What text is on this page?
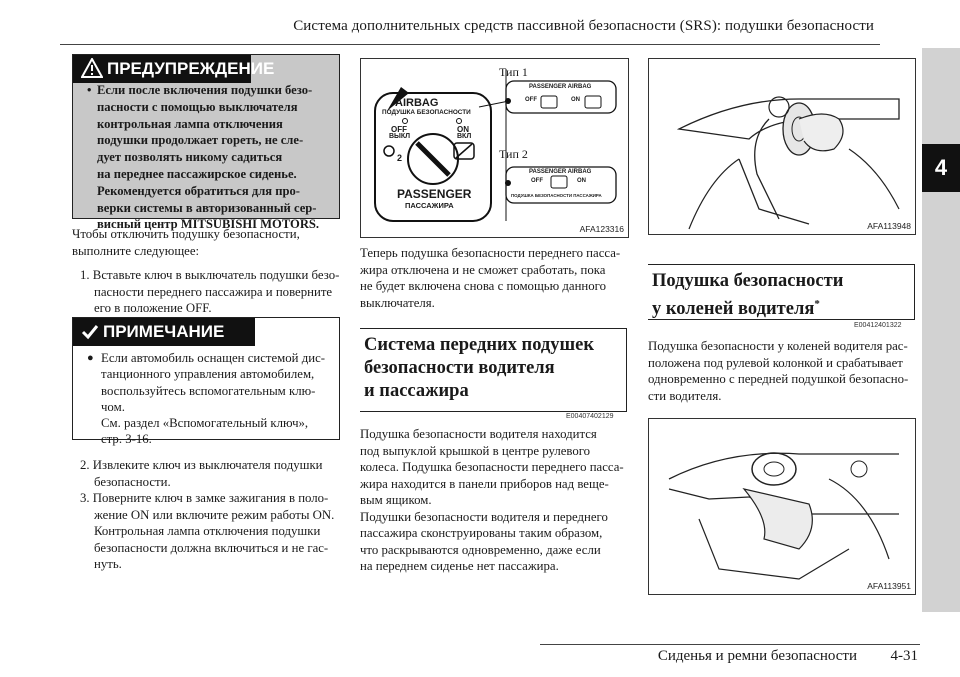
Система дополнительных средств пассивной безопасности (SRS): подушки безопасности
4
Сиденья и ремни безопасности 4-31
ПРЕДУПРЕЖДЕНИЕ
• Если после включения подушки безо-
пасности с помощью выключателя
контрольная лампа отключения
подушки продолжает гореть, не сле-
дует позволять никому садиться
на переднее пассажирское сиденье.
Рекомендуется обратиться для про-
верки системы в авторизованный сер-
висный центр MITSUBISHI MOTORS.
Чтобы отключить подушку безопасности,
выполните следующее:
1. Вставьте ключ в выключатель подушки безо-
пасности переднего пассажира и поверните
его в положение OFF.
ПРИМЕЧАНИЕ
● Если автомобиль оснащен системой дис-
танционного управления автомобилем,
воспользуйтесь вспомогательным клю-
чом.
См. раздел «Вспомогательный ключ»,
стр. 3-16.
2. Извлеките ключ из выключателя подушки
безопасности.
3. Поверните ключ в замке зажигания в поло-
жение ON или включите режим работы ON.
Контрольная лампа отключения подушки
безопасности должна включиться и не гас-
нуть.
AIRBAG
ПОДУШКА БЕЗОПАСНОСТИ
OFF
ВЫКЛ
ON
ВКЛ
2
PASSENGER
ПАССАЖИРА
Тип 1
PASSENGER AIRBAG
OFF	ON
Тип 2
PASSENGER AIRBAG
OFF	ON
ПОДУШКА БЕЗОПАСНОСТИ ПАССАЖИРА
AFA123316
Теперь подушка безопасности переднего пасса-
жира отключена и не сможет сработать, пока
не будет включена снова с помощью данного
выключателя.
Система передних подушек
безопасности водителя
и пассажира
E00407402129
Подушка безопасности водителя находится
под выпуклой крышкой в центре рулевого
колеса. Подушка безопасности переднего пасса-
жира находится в панели приборов над веще-
вым ящиком.
Подушки безопасности водителя и переднего
пассажира сконструированы таким образом,
что раскрываются одновременно, даже если
на переднем сиденье нет пассажира.
AFA113948
Подушка безопасности
у коленей водителя*
E00412401322
Подушка безопасности у коленей водителя рас-
положена под рулевой колонкой и срабатывает
одновременно с передней подушкой безопасно-
сти водителя.
AFA113951
